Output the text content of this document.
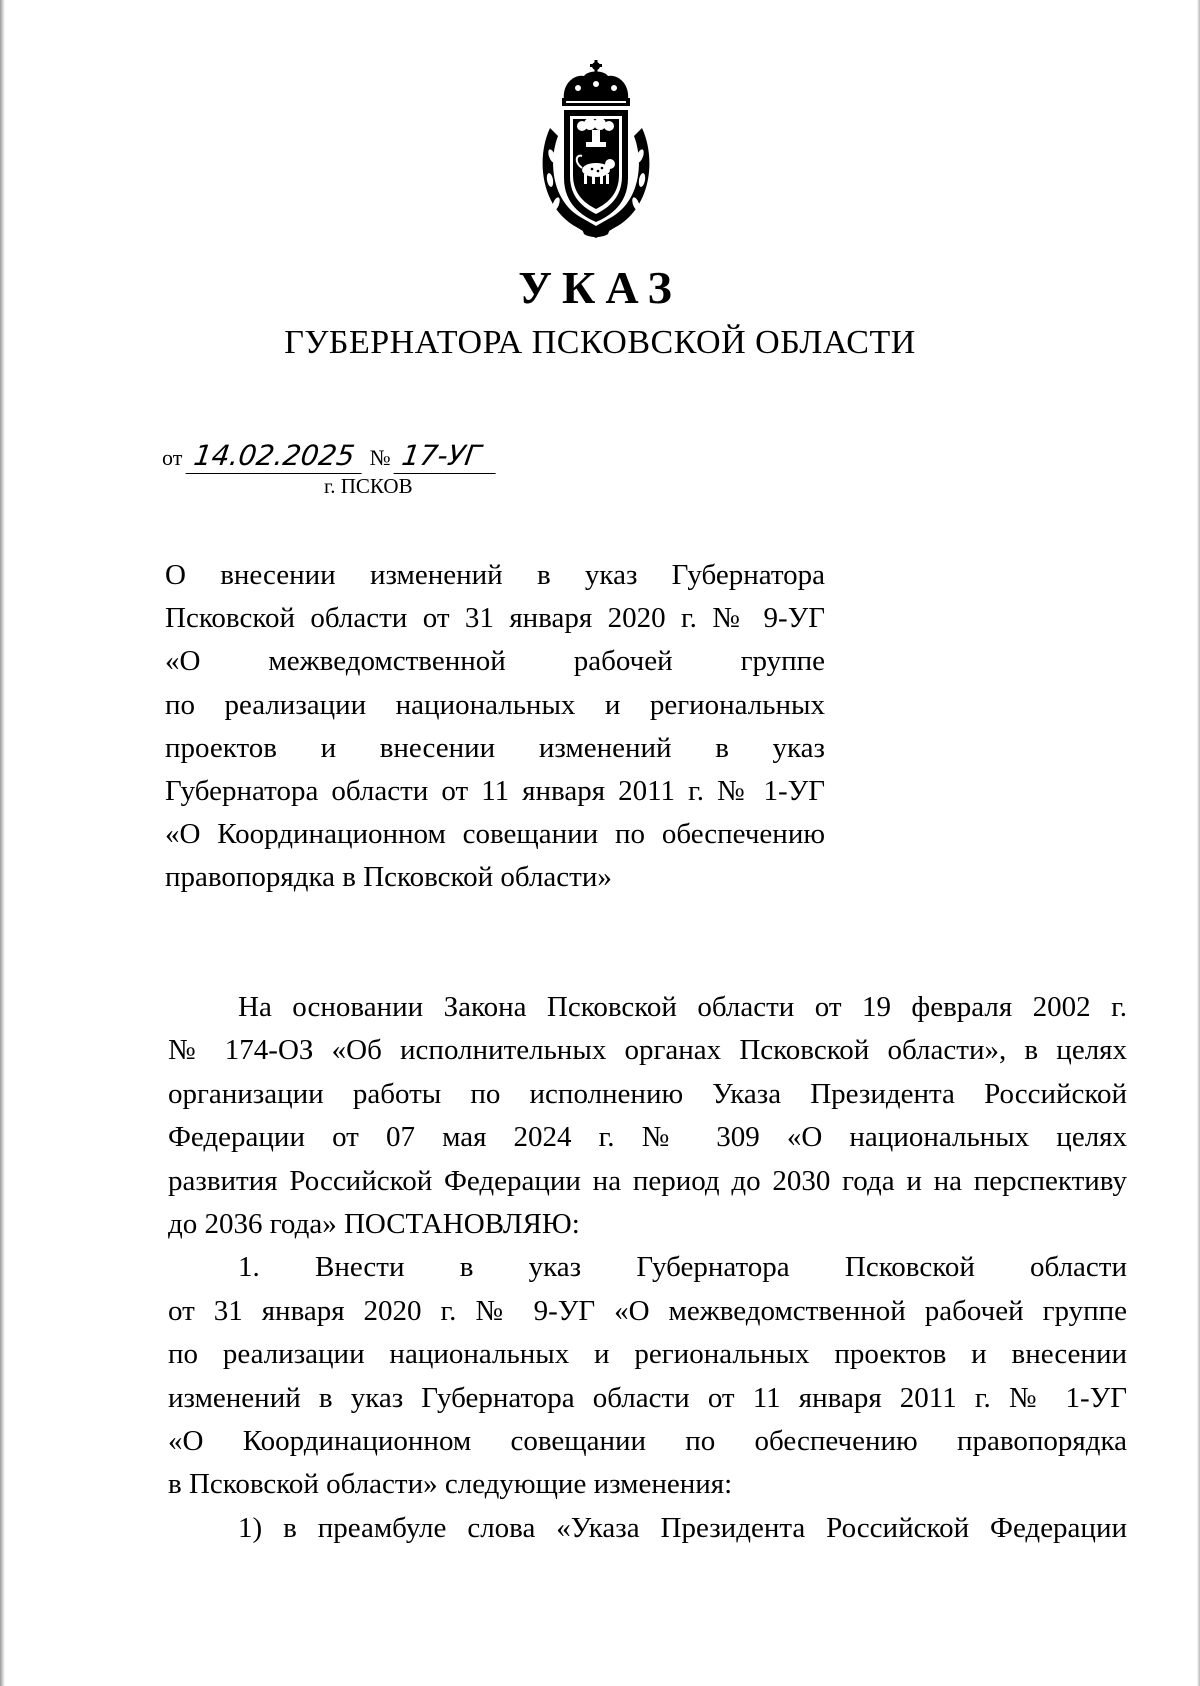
УКАЗ
ГУБЕРНАТОРА ПСКОВСКОЙ ОБЛАСТИ
от 14.02.2025 № 17-УГ
г. ПСКОВ
О внесении изменений в указ Губернатора
Псковской области от 31 января 2020 г. № 9-УГ
«О межведомственной рабочей группе
по реализации национальных и региональных
проектов и внесении изменений в указ
Губернатора области от 11 января 2011 г. № 1-УГ
«О Координационном совещании по обеспечению
правопорядка в Псковской области»
На основании Закона Псковской области от 19 февраля 2002 г.
№ 174-ОЗ «Об исполнительных органах Псковской области», в целях
организации работы по исполнению Указа Президента Российской
Федерации от 07 мая 2024 г. № 309 «О национальных целях
развития Российской Федерации на период до 2030 года и на перспективу
до 2036 года» ПОСТАНОВЛЯЮ:
1. Внести в указ Губернатора Псковской области
от 31 января 2020 г. № 9-УГ «О межведомственной рабочей группе
по реализации национальных и региональных проектов и внесении
изменений в указ Губернатора области от 11 января 2011 г. № 1-УГ
«О Координационном совещании по обеспечению правопорядка
в Псковской области» следующие изменения:
1) в преамбуле слова «Указа Президента Российской Федерации
